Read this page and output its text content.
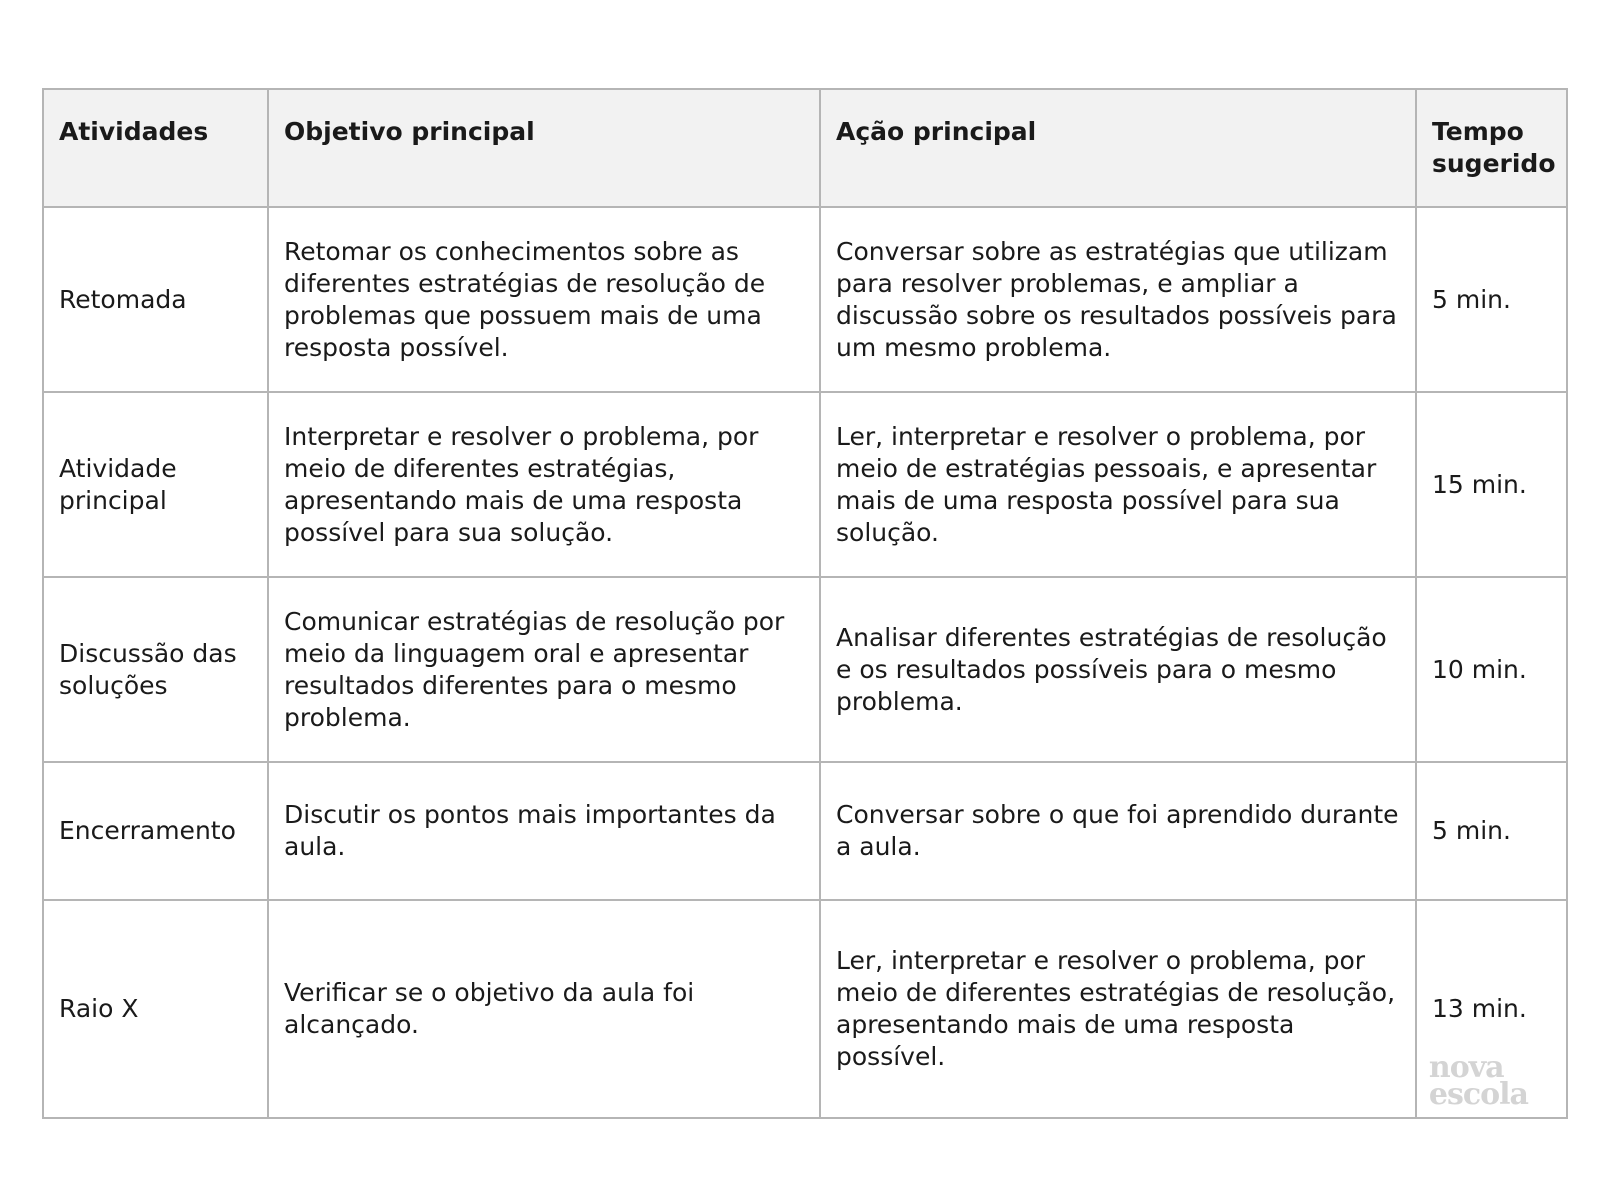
Atividades	Objetivo principal	Ação principal	Tempo sugerido
Retomada	Retomar os conhecimentos sobre as diferentes estratégias de resolução de problemas que possuem mais de uma resposta possível.	Conversar sobre as estratégias que utilizam para resolver problemas, e ampliar a discussão sobre os resultados possíveis para um mesmo problema.	5 min.
Atividade principal	Interpretar e resolver o problema, por meio de diferentes estratégias, apresentando mais de uma resposta possível para sua solução.	Ler, interpretar e resolver o problema, por meio de estratégias pessoais, e apresentar mais de uma resposta possível para sua solução.	15 min.
Discussão das soluções	Comunicar estratégias de resolução por meio da linguagem oral e apresentar resultados diferentes para o mesmo problema.	Analisar diferentes estratégias de resolução e os resultados possíveis para o mesmo problema.	10 min.
Encerramento	Discutir os pontos mais importantes da aula.	Conversar sobre o que foi aprendido durante a aula.	5 min.
Raio X	Verificar se o objetivo da aula foi alcançado.	Ler, interpretar e resolver o problema, por meio de diferentes estratégias de resolução, apresentando mais de uma resposta possível.	13 min.
nova
escola
